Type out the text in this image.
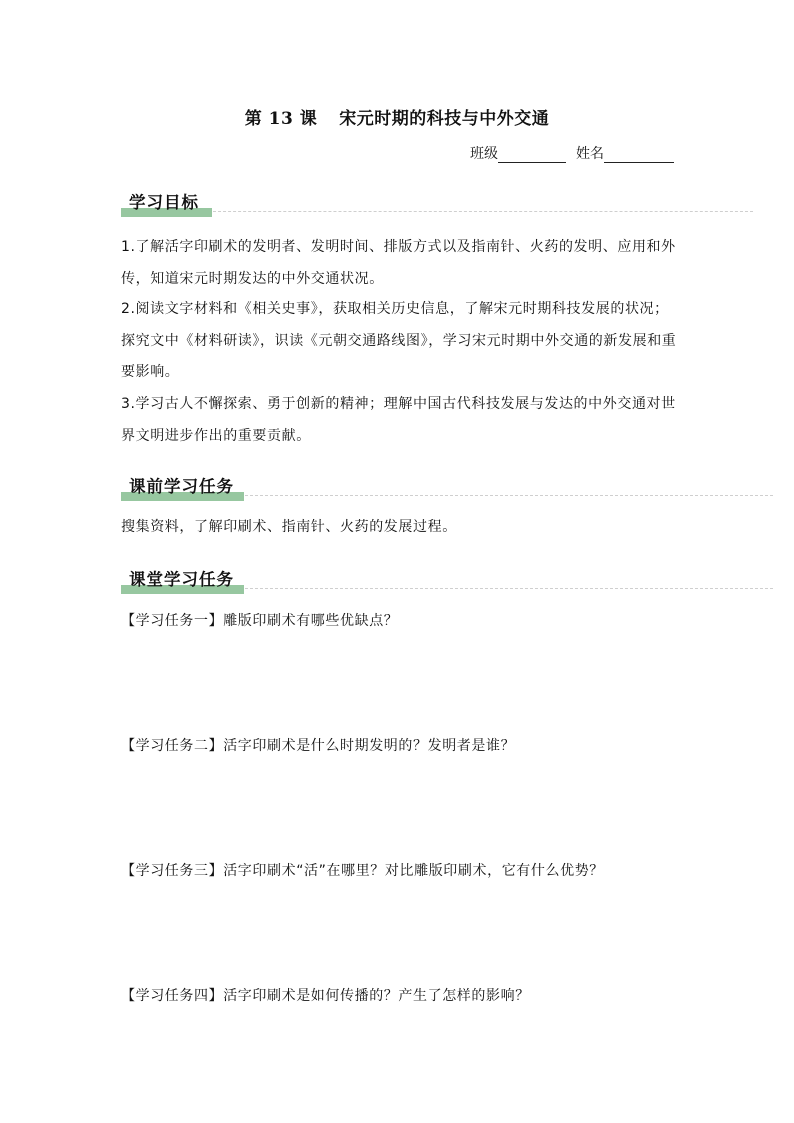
第 13 课 宋元时期的科技与中外交通
班级	姓名
学习目标
1.了解活字印刷术的发明者、发明时间、排版方式以及指南针、火药的发明、应用和外传，知道宋元时期发达的中外交通状况。
2.阅读文字材料和《相关史事》，获取相关历史信息，了解宋元时期科技发展的状况；探究文中《材料研读》，识读《元朝交通路线图》，学习宋元时期中外交通的新发展和重要影响。
3.学习古人不懈探索、勇于创新的精神；理解中国古代科技发展与发达的中外交通对世界文明进步作出的重要贡献。
课前学习任务
搜集资料，了解印刷术、指南针、火药的发展过程。
课堂学习任务
【学习任务一】雕版印刷术有哪些优缺点？
【学习任务二】活字印刷术是什么时期发明的？发明者是谁？
【学习任务三】活字印刷术“活”在哪里？对比雕版印刷术，它有什么优势？
【学习任务四】活字印刷术是如何传播的？产生了怎样的影响？
